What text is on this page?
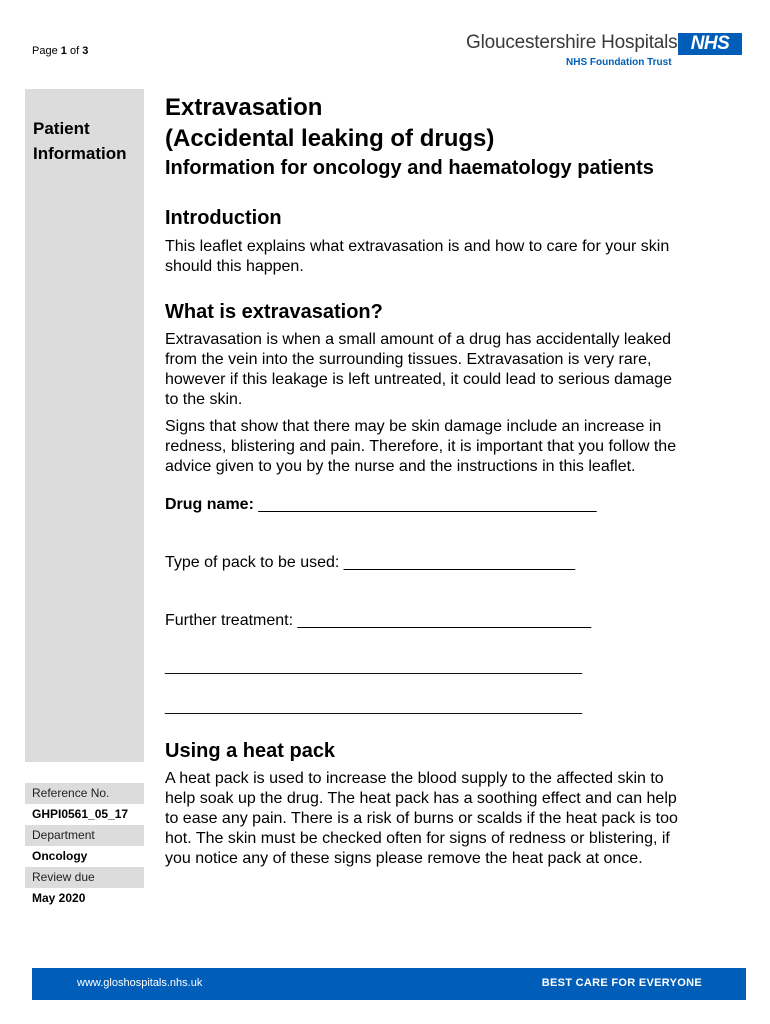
Page 1 of 3	Gloucestershire Hospitals NHS
NHS Foundation Trust
Patient
Information
Reference No.
GHPI0561_05_17
Department
Oncology
Review due
May 2020
Extravasation
(Accidental leaking of drugs)
Information for oncology and haematology patients
Introduction
This leaflet explains what extravasation is and how to care for your skin should this happen.
What is extravasation?
Extravasation is when a small amount of a drug has accidentally leaked from the vein into the surrounding tissues. Extravasation is very rare, however if this leakage is left untreated, it could lead to serious damage to the skin.
Signs that show that there may be skin damage include an increase in redness, blistering and pain. Therefore, it is important that you follow the advice given to you by the nurse and the instructions in this leaflet.
Drug name: ______________________________________
Type of pack to be used: __________________________
Further treatment: _________________________________
__________________________________________________
__________________________________________________
Using a heat pack
A heat pack is used to increase the blood supply to the affected skin to help soak up the drug. The heat pack has a soothing effect and can help to ease any pain. There is a risk of burns or scalds if the heat pack is too hot. The skin must be checked often for signs of redness or blistering, if you notice any of these signs please remove the heat pack at once.
www.gloshospitals.nhs.uk	BEST CARE FOR EVERYONE
